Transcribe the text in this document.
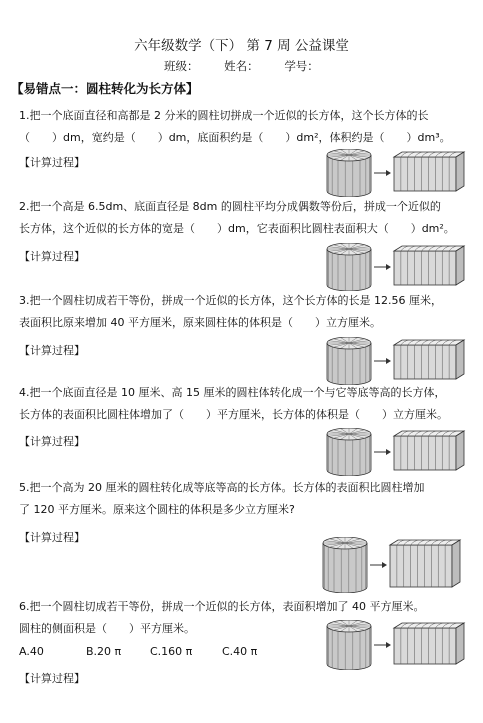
六年级数学（下） 第 7 周 公益课堂
班级： 姓名： 学号：
【易错点一：圆柱转化为长方体】
1.把一个底面直径和高都是 2 分米的圆柱切拼成一个近似的长方体，这个长方体的长
（　　）dm，宽约是（　　）dm，底面积约是（　　）dm²，体积约是（　　）dm³。
【计算过程】
2.把一个高是 6.5dm、底面直径是 8dm 的圆柱平均分成偶数等份后，拼成一个近似的
长方体，这个近似的长方体的宽是（　　）dm，它表面积比圆柱表面积大（　　）dm²。
【计算过程】
3.把一个圆柱切成若干等份，拼成一个近似的长方体，这个长方体的长是 12.56 厘米，
表面积比原来增加 40 平方厘米，原来圆柱体的体积是（　　）立方厘米。
【计算过程】
4.把一个底面直径是 10 厘米、高 15 厘米的圆柱体转化成一个与它等底等高的长方体，
长方体的表面积比圆柱体增加了（　　）平方厘米，长方体的体积是（　　）立方厘米。
【计算过程】
5.把一个高为 20 厘米的圆柱转化成等底等高的长方体。长方体的表面积比圆柱增加
了 120 平方厘米。原来这个圆柱的体积是多少立方厘米?
【计算过程】
6.把一个圆柱切成若干等份，拼成一个近似的长方体，表面积增加了 40 平方厘米。
圆柱的侧面积是（　　）平方厘米。
A.40	B.20 π	C.160 π	C.40 π
【计算过程】
